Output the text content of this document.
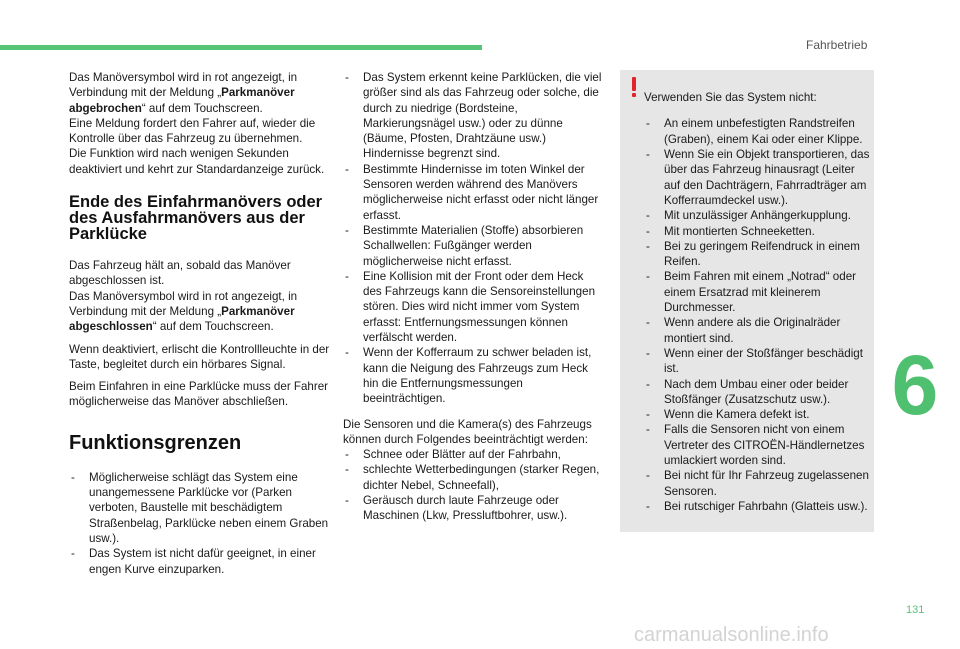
Fahrbetrieb

Das Manöversymbol wird in rot angezeigt, in Verbindung mit der Meldung „Parkmanöver abgebrochen“ auf dem Touchscreen.

Eine Meldung fordert den Fahrer auf, wieder die Kontrolle über das Fahrzeug zu übernehmen.

Die Funktion wird nach wenigen Sekunden deaktiviert und kehrt zur Standardanzeige zurück.

Ende des Einfahrmanövers oder des Ausfahrmanövers aus der Parklücke

Das Fahrzeug hält an, sobald das Manöver abgeschlossen ist.

Das Manöversymbol wird in rot angezeigt, in Verbindung mit der Meldung „Parkmanöver abgeschlossen“ auf dem Touchscreen.

Wenn deaktiviert, erlischt die Kontrollleuchte in der Taste, begleitet durch ein hörbares Signal.

Beim Einfahren in eine Parklücke muss der Fahrer möglicherweise das Manöver abschließen.

Funktionsgrenzen
- Möglicherweise schlägt das System eine unangemessene Parklücke vor (Parken verboten, Baustelle mit beschädigtem Straßenbelag, Parklücke neben einem Graben usw.).
- Das System ist nicht dafür geeignet, in einer engen Kurve einzuparken.
- Das System erkennt keine Parklücken, die viel größer sind als das Fahrzeug oder solche, die durch zu niedrige (Bordsteine, Markierungsnägel usw.) oder zu dünne (Bäume, Pfosten, Drahtzäune usw.) Hindernisse begrenzt sind.
- Bestimmte Hindernisse im toten Winkel der Sensoren werden während des Manövers möglicherweise nicht erfasst oder nicht länger erfasst.
- Bestimmte Materialien (Stoffe) absorbieren Schallwellen: Fußgänger werden möglicherweise nicht erfasst.
- Eine Kollision mit der Front oder dem Heck des Fahrzeugs kann die Sensoreinstellungen stören. Dies wird nicht immer vom System erfasst: Entfernungsmessungen können verfälscht werden.
- Wenn der Kofferraum zu schwer beladen ist, kann die Neigung des Fahrzeugs zum Heck hin die Entfernungsmessungen beeinträchtigen.

Die Sensoren und die Kamera(s) des Fahrzeugs können durch Folgendes beeinträchtigt werden:

- Schnee oder Blätter auf der Fahrbahn,
- schlechte Wetterbedingungen (starker Regen, dichter Nebel, Schneefall),
- Geräusch durch laute Fahrzeuge oder Maschinen (Lkw, Pressluftbohrer, usw.).

Verwenden Sie das System nicht:

- An einem unbefestigten Randstreifen (Graben), einem Kai oder einer Klippe.
- Wenn Sie ein Objekt transportieren, das über das Fahrzeug hinausragt (Leiter auf den Dachträgern, Fahrradträger am Kofferraumdeckel usw.).
- Mit unzulässiger Anhängerkupplung.
- Mit montierten Schneeketten.
- Bei zu geringem Reifendruck in einem Reifen.
- Beim Fahren mit einem „Notrad“ oder einem Ersatzrad mit kleinerem Durchmesser.
- Wenn andere als die Originalräder montiert sind.
- Wenn einer der Stoßfänger beschädigt ist.
- Nach dem Umbau einer oder beider Stoßfänger (Zusatzschutz usw.).
- Wenn die Kamera defekt ist.
- Falls die Sensoren nicht von einem Vertreter des CITROËN-Händlernetzes umlackiert worden sind.
- Bei nicht für Ihr Fahrzeug zugelassenen Sensoren.
- Bei rutschiger Fahrbahn (Glatteis usw.).
6
131
carmanualsonline.info
